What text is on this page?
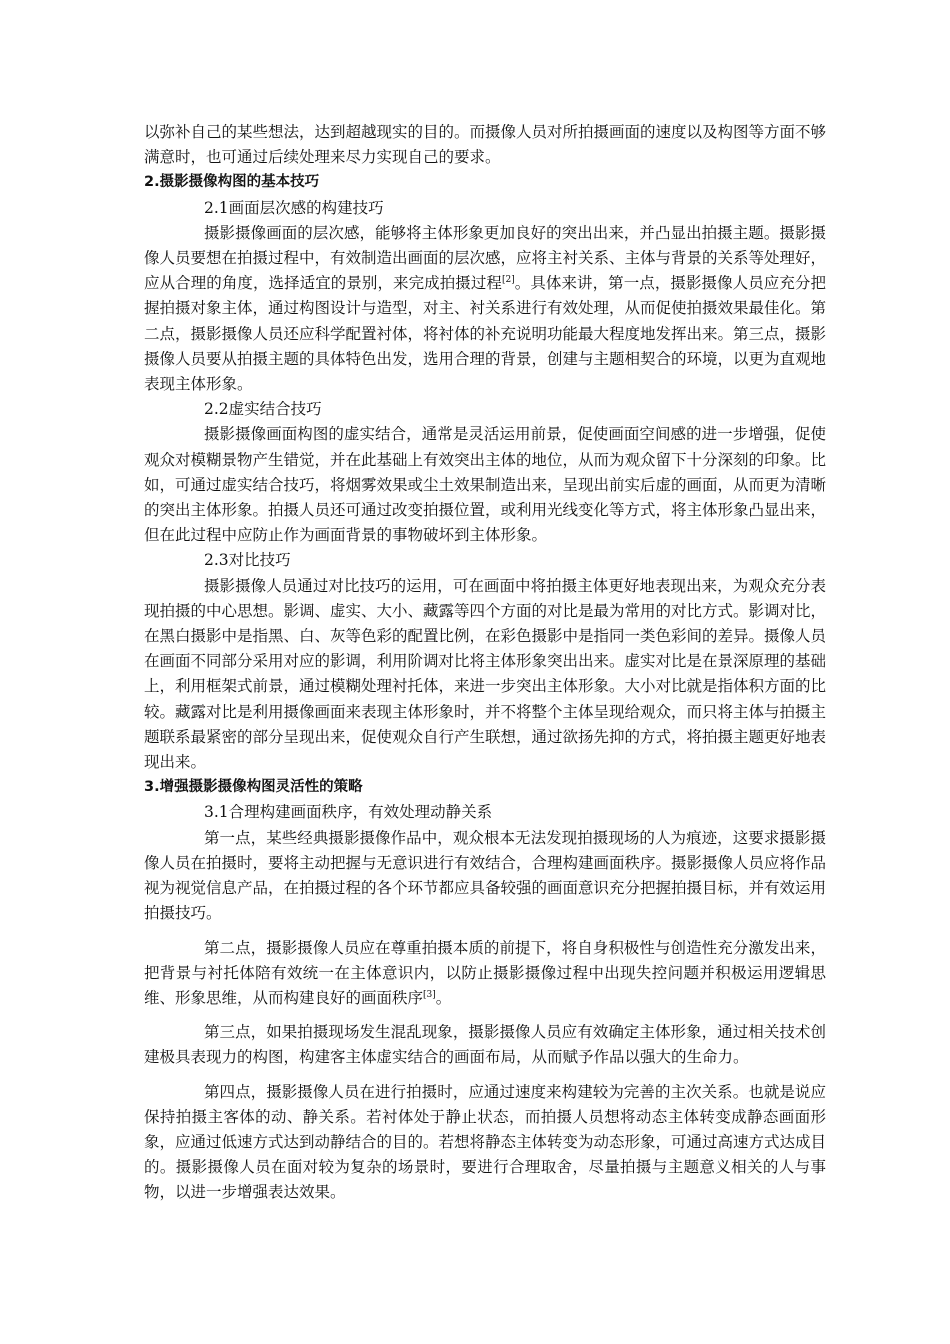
以弥补自己的某些想法，达到超越现实的目的。而摄像人员对所拍摄画面的速度以及构图等方面不够满意时，也可通过后续处理来尽力实现自己的要求。

2.摄影摄像构图的基本技巧

2.1画面层次感的构建技巧

摄影摄像画面的层次感，能够将主体形象更加良好的突出出来，并凸显出拍摄主题。摄影摄像人员要想在拍摄过程中，有效制造出画面的层次感，应将主衬关系、主体与背景的关系等处理好，应从合理的角度，选择适宜的景别，来完成拍摄过程[2]。具体来讲，第一点，摄影摄像人员应充分把握拍摄对象主体，通过构图设计与造型，对主、衬关系进行有效处理，从而促使拍摄效果最佳化。第二点，摄影摄像人员还应科学配置衬体，将衬体的补充说明功能最大程度地发挥出来。第三点，摄影摄像人员要从拍摄主题的具体特色出发，选用合理的背景，创建与主题相契合的环境，以更为直观地表现主体形象。

2.2虚实结合技巧

摄影摄像画面构图的虚实结合，通常是灵活运用前景，促使画面空间感的进一步增强，促使观众对模糊景物产生错觉，并在此基础上有效突出主体的地位，从而为观众留下十分深刻的印象。比如，可通过虚实结合技巧，将烟雾效果或尘土效果制造出来，呈现出前实后虚的画面，从而更为清晰的突出主体形象。拍摄人员还可通过改变拍摄位置，或利用光线变化等方式，将主体形象凸显出来，但在此过程中应防止作为画面背景的事物破坏到主体形象。

2.3对比技巧

摄影摄像人员通过对比技巧的运用，可在画面中将拍摄主体更好地表现出来，为观众充分表现拍摄的中心思想。影调、虚实、大小、藏露等四个方面的对比是最为常用的对比方式。影调对比，在黑白摄影中是指黑、白、灰等色彩的配置比例，在彩色摄影中是指同一类色彩间的差异。摄像人员在画面不同部分采用对应的影调，利用阶调对比将主体形象突出出来。虚实对比是在景深原理的基础上，利用框架式前景，通过模糊处理衬托体，来进一步突出主体形象。大小对比就是指体积方面的比较。藏露对比是利用摄像画面来表现主体形象时，并不将整个主体呈现给观众，而只将主体与拍摄主题联系最紧密的部分呈现出来，促使观众自行产生联想，通过欲扬先抑的方式，将拍摄主题更好地表现出来。

3.增强摄影摄像构图灵活性的策略

3.1合理构建画面秩序，有效处理动静关系

第一点，某些经典摄影摄像作品中，观众根本无法发现拍摄现场的人为痕迹，这要求摄影摄像人员在拍摄时，要将主动把握与无意识进行有效结合，合理构建画面秩序。摄影摄像人员应将作品视为视觉信息产品，在拍摄过程的各个环节都应具备较强的画面意识充分把握拍摄目标，并有效运用拍摄技巧。

第二点，摄影摄像人员应在尊重拍摄本质的前提下，将自身积极性与创造性充分激发出来，把背景与衬托体陪有效统一在主体意识内，以防止摄影摄像过程中出现失控问题并积极运用逻辑思维、形象思维，从而构建良好的画面秩序[3]。

第三点，如果拍摄现场发生混乱现象，摄影摄像人员应有效确定主体形象，通过相关技术创建极具表现力的构图，构建客主体虚实结合的画面布局，从而赋予作品以强大的生命力。

第四点，摄影摄像人员在进行拍摄时，应通过速度来构建较为完善的主次关系。也就是说应保持拍摄主客体的动、静关系。若衬体处于静止状态，而拍摄人员想将动态主体转变成静态画面形象，应通过低速方式达到动静结合的目的。若想将静态主体转变为动态形象，可通过高速方式达成目的。摄影摄像人员在面对较为复杂的场景时，要进行合理取舍，尽量拍摄与主题意义相关的人与事物，以进一步增强表达效果。
